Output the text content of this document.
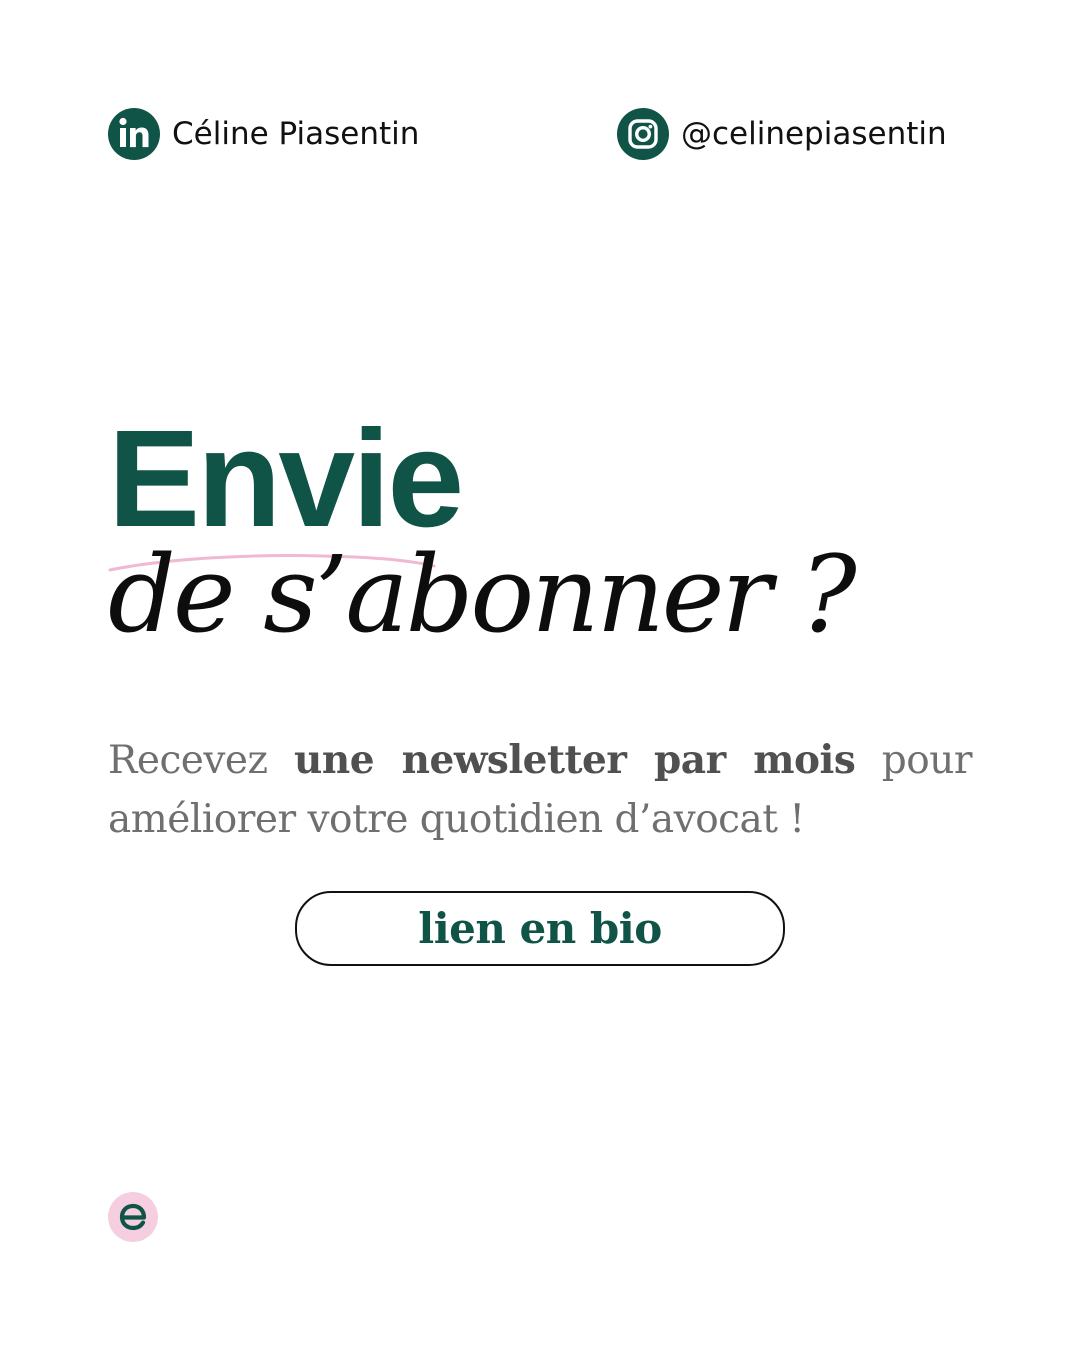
Céline Piasentin	@celinepiasentin
Envie

de s’abonner ?

Recevez une newsletter par mois pour améliorer votre quotidien d’avocat !

lien en bio
